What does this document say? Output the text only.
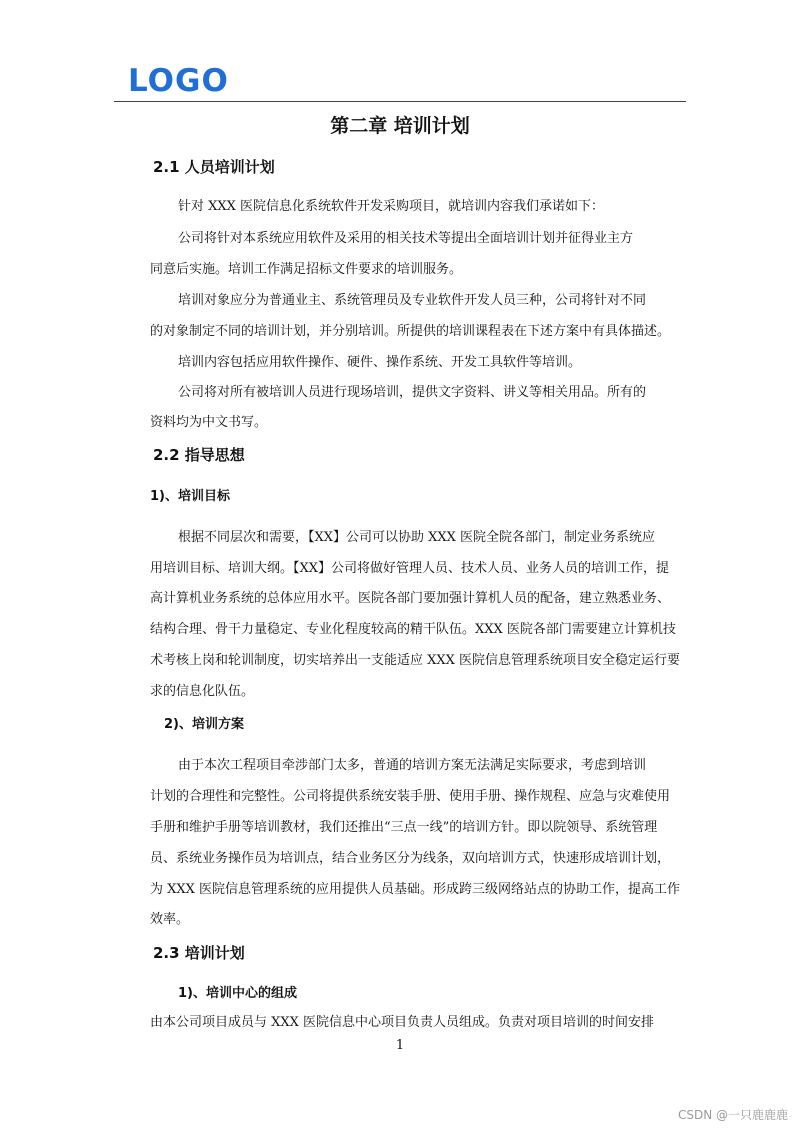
LOGO
第二章 培训计划
2.1 人员培训计划
针对 XXX 医院信息化系统软件开发采购项目，就培训内容我们承诺如下：
公司将针对本系统应用软件及采用的相关技术等提出全面培训计划并征得业主方
同意后实施。培训工作满足招标文件要求的培训服务。
培训对象应分为普通业主、系统管理员及专业软件开发人员三种，公司将针对不同
的对象制定不同的培训计划，并分别培训。所提供的培训课程表在下述方案中有具体描述。
培训内容包括应用软件操作、硬件、操作系统、开发工具软件等培训。
公司将对所有被培训人员进行现场培训，提供文字资料、讲义等相关用品。所有的
资料均为中文书写。
2.2 指导思想
1)、培训目标
根据不同层次和需要，【XX】公司可以协助 XXX 医院全院各部门，制定业务系统应
用培训目标、培训大纲。【XX】公司将做好管理人员、技术人员、业务人员的培训工作，提
高计算机业务系统的总体应用水平。医院各部门要加强计算机人员的配备，建立熟悉业务、
结构合理、骨干力量稳定、专业化程度较高的精干队伍。XXX 医院各部门需要建立计算机技
术考核上岗和轮训制度，切实培养出一支能适应 XXX 医院信息管理系统项目安全稳定运行要
求的信息化队伍。
2)、培训方案
由于本次工程项目牵涉部门太多，普通的培训方案无法满足实际要求，考虑到培训
计划的合理性和完整性。公司将提供系统安装手册、使用手册、操作规程、应急与灾难使用
手册和维护手册等培训教材，我们还推出“三点一线”的培训方针。即以院领导、系统管理
员、系统业务操作员为培训点，结合业务区分为线条，双向培训方式，快速形成培训计划，
为 XXX 医院信息管理系统的应用提供人员基础。形成跨三级网络站点的协助工作，提高工作
效率。
2.3 培训计划
1)、培训中心的组成
由本公司项目成员与 XXX 医院信息中心项目负责人员组成。负责对项目培训的时间安排
1
CSDN @一只鹿鹿鹿
